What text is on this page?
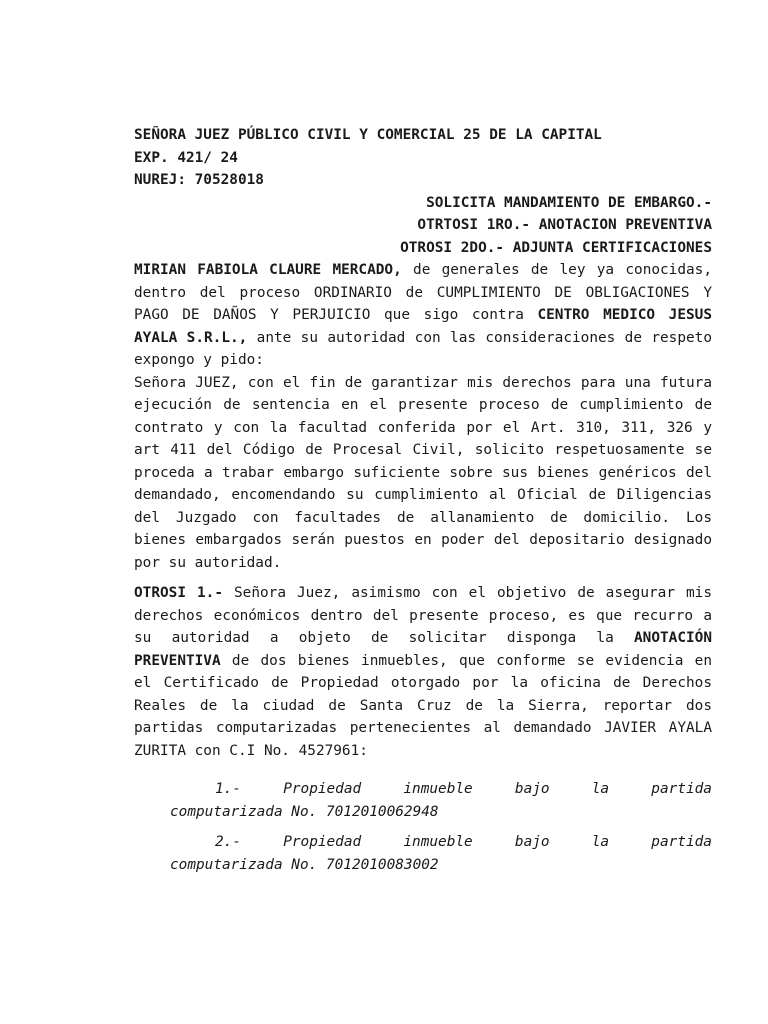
SEÑORA JUEZ PÚBLICO CIVIL Y COMERCIAL 25 DE LA CAPITAL
EXP. 421/ 24
NUREJ: 70528018
SOLICITA MANDAMIENTO DE EMBARGO.-
OTRTOSI 1RO.- ANOTACION PREVENTIVA
OTROSI 2DO.- ADJUNTA CERTIFICACIONES

MIRIAN FABIOLA CLAURE MERCADO, de generales de ley ya conocidas, dentro del proceso ORDINARIO de CUMPLIMIENTO DE OBLIGACIONES Y PAGO DE DAÑOS Y PERJUICIO que sigo contra CENTRO MEDICO JESUS AYALA S.R.L., ante su autoridad con las consideraciones de respeto expongo y pido:

Señora JUEZ, con el fin de garantizar mis derechos para una futura ejecución de sentencia en el presente proceso de cumplimiento de contrato y con la facultad conferida por el Art. 310, 311, 326 y art 411 del Código de Procesal Civil, solicito respetuosamente se proceda a trabar embargo suficiente sobre sus bienes genéricos del demandado, encomendando su cumplimiento al Oficial de Diligencias del Juzgado con facultades de allanamiento de domicilio. Los bienes embargados serán puestos en poder del depositario designado por su autoridad.

OTROSI 1.- Señora Juez, asimismo con el objetivo de asegurar mis derechos económicos dentro del presente proceso, es que recurro a su autoridad a objeto de solicitar disponga la ANOTACIÓN PREVENTIVA de dos bienes inmuebles, que conforme se evidencia en el Certificado de Propiedad otorgado por la oficina de Derechos Reales de la ciudad de Santa Cruz de la Sierra, reportar dos partidas computarizadas pertenecientes al demandado JAVIER AYALA ZURITA con C.I No. 4527961:

1.-	Propiedad	inmueble	bajo	la	partida
computarizada No. 7012010062948
2.-	Propiedad	inmueble	bajo	la	partida
computarizada No. 7012010083002
